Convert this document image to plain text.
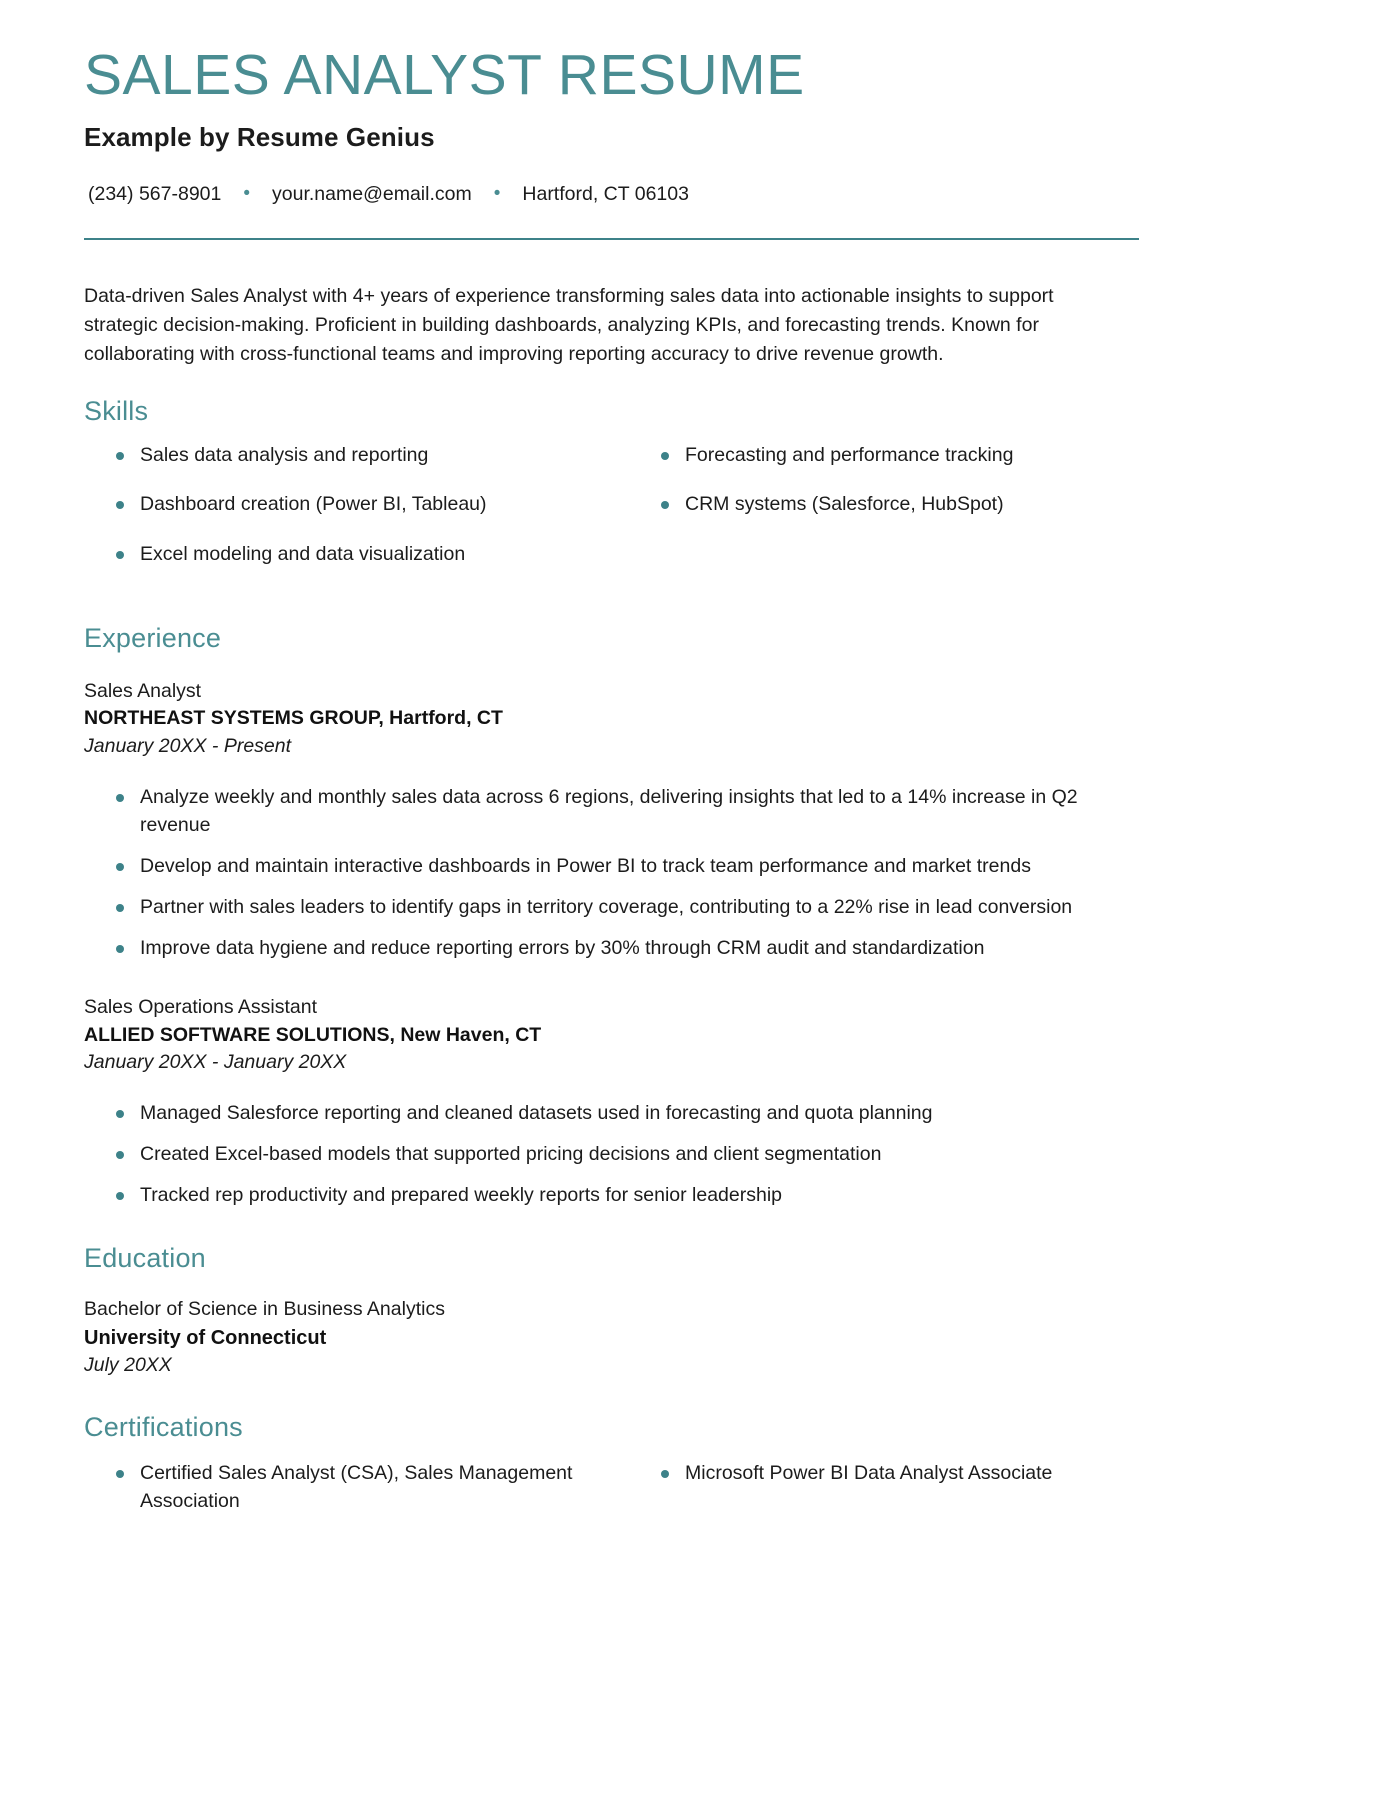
SALES ANALYST RESUME
Example by Resume Genius
(234) 567-8901 • your.name@email.com • Hartford, CT 06103

Data-driven Sales Analyst with 4+ years of experience transforming sales data into actionable insights to support strategic decision-making. Proficient in building dashboards, analyzing KPIs, and forecasting trends. Known for collaborating with cross-functional teams and improving reporting accuracy to drive revenue growth.

Skills
Sales data analysis and reporting
Dashboard creation (Power BI, Tableau)
Excel modeling and data visualization
Forecasting and performance tracking
CRM systems (Salesforce, HubSpot)
Experience
Sales Analyst
NORTHEAST SYSTEMS GROUP, Hartford, CT
January 20XX - Present
Analyze weekly and monthly sales data across 6 regions, delivering insights that led to a 14% increase in Q2 revenue
Develop and maintain interactive dashboards in Power BI to track team performance and market trends
Partner with sales leaders to identify gaps in territory coverage, contributing to a 22% rise in lead conversion
Improve data hygiene and reduce reporting errors by 30% through CRM audit and standardization
Sales Operations Assistant
ALLIED SOFTWARE SOLUTIONS, New Haven, CT
January 20XX - January 20XX
Managed Salesforce reporting and cleaned datasets used in forecasting and quota planning
Created Excel-based models that supported pricing decisions and client segmentation
Tracked rep productivity and prepared weekly reports for senior leadership
Education
Bachelor of Science in Business Analytics
University of Connecticut
July 20XX
Certifications
Certified Sales Analyst (CSA), Sales Management Association
Microsoft Power BI Data Analyst Associate
